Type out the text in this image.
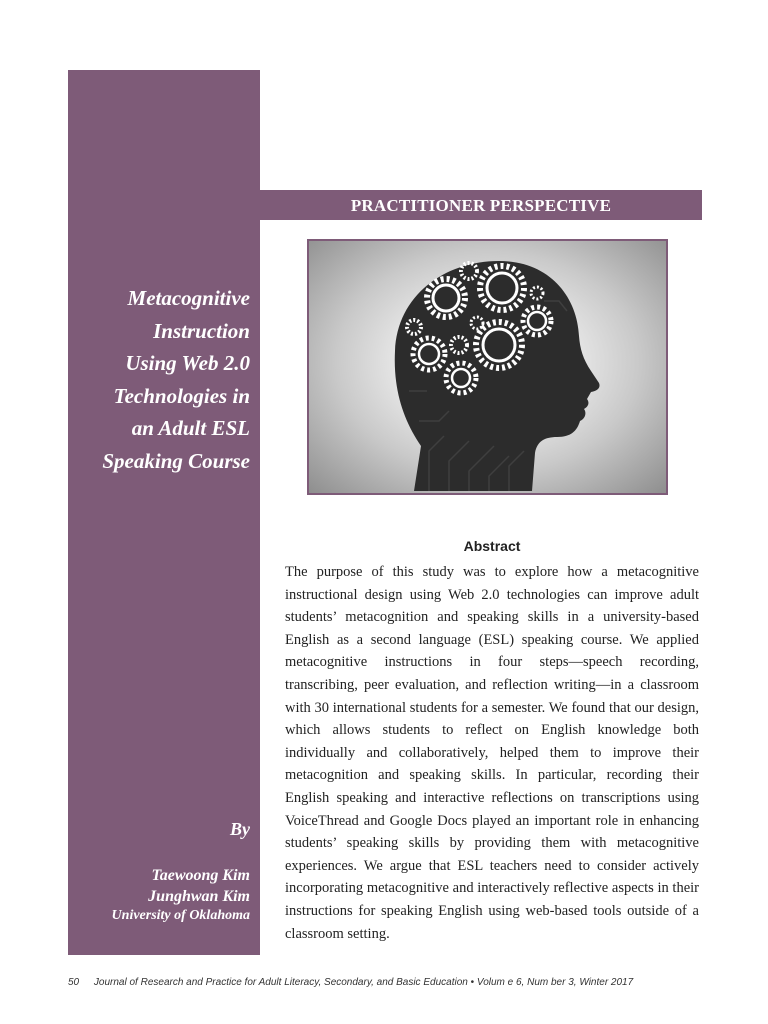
Metacognitive
Instruction
Using Web 2.0
Technologies in
an Adult ESL
Speaking Course
By
Taewoong Kim
Junghwan Kim
University of Oklahoma
PRACTITIONER PERSPECTIVE
Abstract
The purpose of this study was to explore how a metacognitive instructional design using Web 2.0 technologies can improve adult students’ metacognition and speaking skills in a university-based English as a second language (ESL) speaking course. We applied metacognitive instructions in four steps—speech recording, transcribing, peer evaluation, and reflection writing—in a classroom with 30 international students for a semester. We found that our design, which allows students to reflect on English knowledge both individually and collaboratively, helped them to improve their metacognition and speaking skills. In particular, recording their English speaking and interactive reflections on transcriptions using VoiceThread and Google Docs played an important role in enhancing students’ speaking skills by providing them with metacognitive experiences. We argue that ESL teachers need to consider actively incorporating metacognitive and interactively reflective aspects in their instructions for speaking English using web-based tools outside of a classroom setting.
50 Journal of Research and Practice for Adult Literacy, Secondary, and Basic Education • Volum e 6, Num ber 3, Winter 2017
